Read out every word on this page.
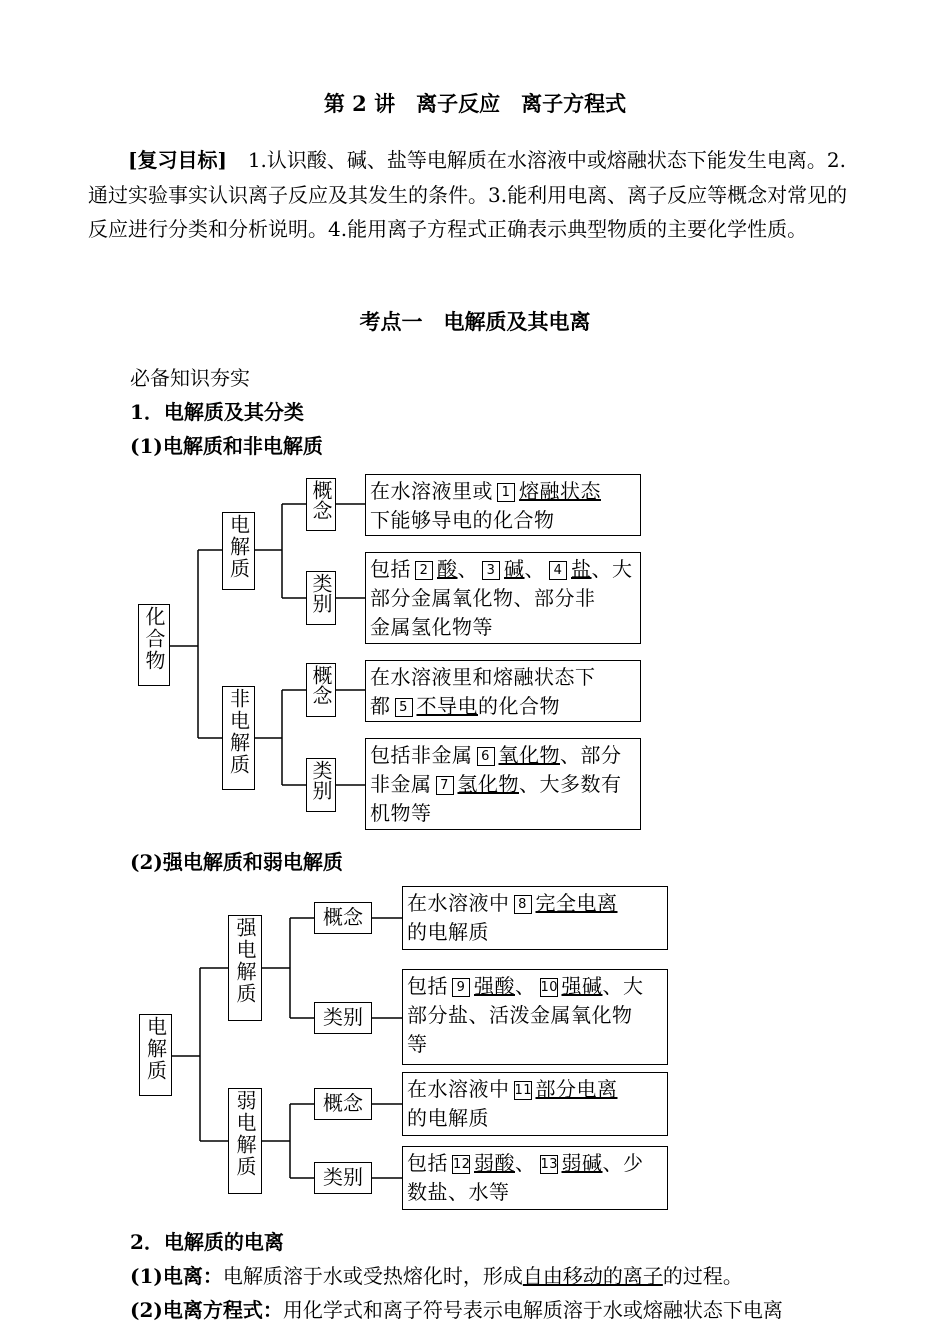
第 2 讲　离子反应　离子方程式
[复习目标] 1.认识酸、碱、盐等电解质在水溶液中或熔融状态下能发生电离。2.通过实验事实认识离子反应及其发生的条件。3.能利用电离、离子反应等概念对常见的反应进行分类和分析说明。4.能用离子方程式正确表示典型物质的主要化学性质。
考点一　电解质及其电离
必备知识夯实
1．电解质及其分类
(1)电解质和非电解质
化合物
电解质
非电解质
概念
类别
概念
类别
在水溶液里或 1 熔融状态
下能够导电的化合物
包括 2 酸、 3 碱、 4 盐、大
部分金属氧化物、部分非
金属氢化物等
在水溶液里和熔融状态下
都 5 不导电的化合物
包括非金属 6 氧化物、部分
非金属 7 氢化物、大多数有
机物等
(2)强电解质和弱电解质
电解质
强电解质
弱电解质
概念
类别
概念
类别
在水溶液中 8 完全电离
的电解质
包括 9 强酸、 10 强碱、大
部分盐、活泼金属氧化物
等
在水溶液中 11 部分电离
的电解质
包括 12 弱酸、 13 弱碱、少
数盐、水等
2．电解质的电离
(1)电离：电解质溶于水或受热熔化时，形成自由移动的离子的过程。
(2)电离方程式：用化学式和离子符号表示电解质溶于水或熔融状态下电离
